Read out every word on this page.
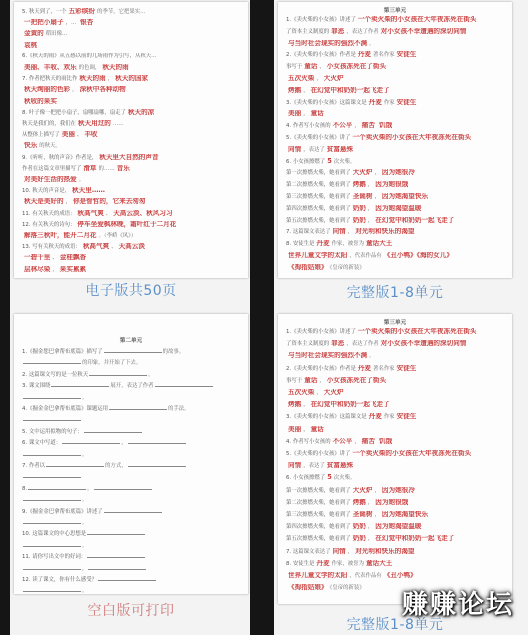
5. 秋天到了，一个 五彩缤纷 的季节，它把果实…
一把把小扇子 ，… 银杏
金黄的 稻田像…
袁桃
6.《秋天的雨》从五感以前的几场雨作为引写，从秋天…
美丽、丰收、欢乐 的色调， 秋天的雨
7. 作者把秋天的雨比作 秋天的雨 ， 秋天的国家
秋天绚丽的色彩 ， 深秋中各种动物
秋收的果实
8. 叶子像一把把小扇子，扇哪扇哪，扇走了 秋天的凉
秋天是我们的，我们在 秋天用过的 ……
从整体上描写了 美丽 、 丰收
快乐 的秋天。
9.《听听，秋的声音》作者是， 秋天里大自然的声音
作者在这篇文章里描写了 滑草 的…… 音乐
对美好生活的热爱 。
10. 秋天的声音是， 秋天里……
秋天是美好的 ， 你是智哲的，它来去匆匆
11. 有关秋天的成语： 秋高气爽 、 天高云淡、秋风习习
12. 有关秋天的诗句： 停车坐爱枫林晚，霜叶红于二月花
解落三秋叶，能开二月花 。（李峤《风》）
13. 写有关秋天的成语： 秋高气爽 、 天高云淡
一碧千里 、 金桂飘香
层林尽染 ， 果实累累
电子版共50页
第三单元
1.《卖火柴的小女孩》讲述了 一个卖火柴的小女孩在大年夜冻死在街头
了资本主义制度的 罪恶 ，表达了作者 对小女孩不幸遭遇的深切同情
与当时社会现实的强烈不满 。
2.《卖火柴的小女孩》作者是 丹麦 著名作家 安徒生
事写于 童话 ， 小女孩冻死在了街头
五次火柴 ， 大火炉
烤鹅 ， 在幻觉中和奶奶一起飞走了
3.《卖火柴的小女孩》这篇课文是 丹麦 作家 安徒生
美丽 ， 童话
4. 作者写小女孩的 不公平 ， 痛苦 饥饿
5.《卖火柴的小女孩》讲了 一个卖火柴的小女孩在大年夜冻死在街头
同情 ，表达了 贫富悬殊
6. 小女孩擦燃了 5 次火柴。
第一次擦燃火柴，她看到了 大火炉 ， 因为她很冷
第二次擦燃火柴，她看到了 烤鹅 ， 因为她很饿
第三次擦燃火柴，她看到了 圣诞树 ， 因为她渴望快乐
第四次擦燃火柴，她看到了 奶奶 ， 因为她渴望温暖
第五次擦燃火柴，她看到了 奶奶 ， 在幻觉中和奶奶一起飞走了
7. 这篇课文表达了 同情 ， 对光明和快乐的渴望
8. 安徒生是 丹麦 作家，被誉为 童话大王
世界儿童文学的太阳 ，代表作品有 《丑小鸭》《海的女儿》
《拇指姑娘》 《皇帝的新装》
完整版1-8单元
第二单元
1.《掘金您巴拿帮布底篇》描写了	的故事。
的印象，并开始了下去。
2. 这篇课文写的是一位秋天	，
3. 课文围绕	展开，表达了作者
。
4.《掘金金巴拿帮布底篇》课题运用	的手法。
5. 文中运用拟物的句子：
6. 课文中写道：	，
。
7. 作者以	的方式，
8.	，
。
9.《掘金金巴拿帮布底篇》讲述了
。
10. 这篇课文的中心思想是
。
11. 请你写出文中的好词：
，
12. 读了课文，你有什么感受？
。
空白版可打印
第三单元
1.《卖火柴的小女孩》讲述了 一个卖火柴的小女孩在大年夜冻死在街头
了资本主义制度的 罪恶 ，表达了作者 对小女孩不幸遭遇的深切同情
与当时社会现实的强烈不满 。
2.《卖火柴的小女孩》作者是 丹麦 著名作家 安徒生
事写于 童话 ， 小女孩冻死在了街头
五次火柴 ， 大火炉
烤鹅 ， 在幻觉中和奶奶一起飞走了
3.《卖火柴的小女孩》这篇课文是 丹麦 作家 安徒生
美丽 ， 童话
4. 作者写小女孩的 不公平 ， 痛苦 饥饿
5.《卖火柴的小女孩》讲了 一个卖火柴的小女孩在大年夜冻死在街头
同情 ，表达了 贫富悬殊
6. 小女孩擦燃了 5 次火柴。
第一次擦燃火柴，她看到了 大火炉 ， 因为她很冷
第二次擦燃火柴，她看到了 烤鹅 ， 因为她很饿
第三次擦燃火柴，她看到了 圣诞树 ， 因为她渴望快乐
第四次擦燃火柴，她看到了 奶奶 ， 因为她渴望温暖
第五次擦燃火柴，她看到了 奶奶 ， 在幻觉中和奶奶一起飞走了
7. 这篇课文表达了 同情 ， 对光明和快乐的渴望
8. 安徒生是 丹麦 作家，被誉为 童话大王
世界儿童文学的太阳 ，代表作品有 《丑小鸭》
《拇指姑娘》 《皇帝的新装》
完整版1-8单元
赚赚论坛
